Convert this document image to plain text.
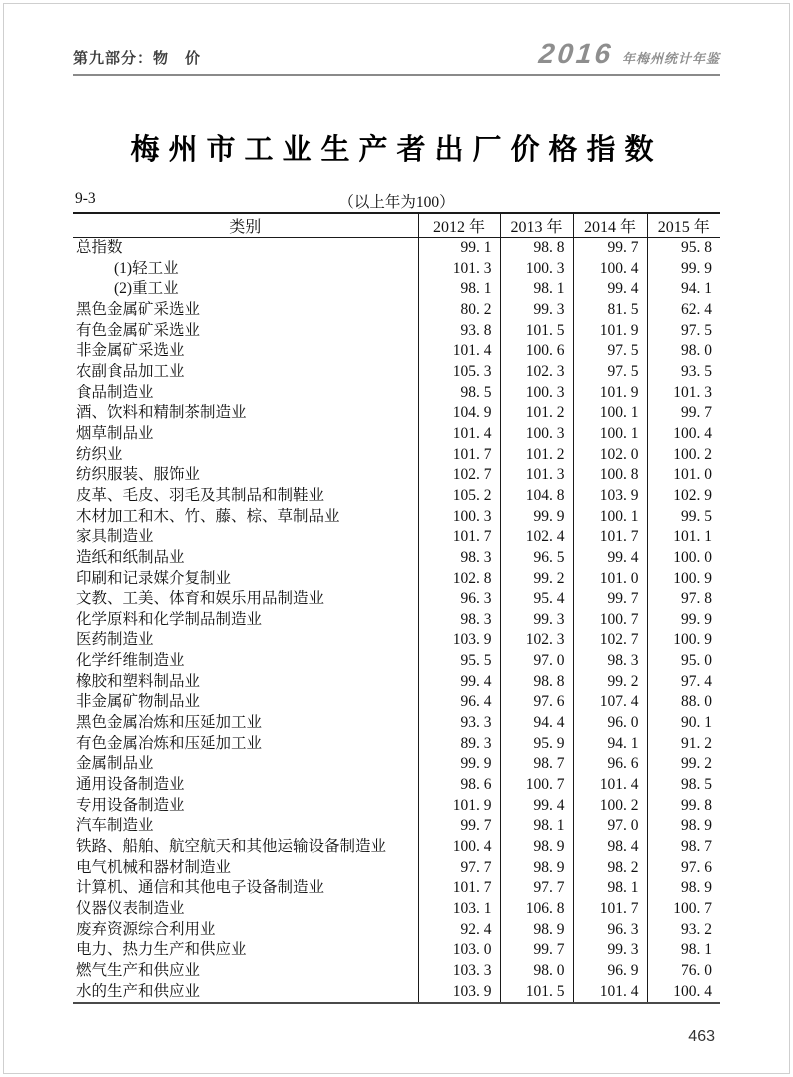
第九部分：物　价	2016 年梅州统计年鉴
梅州市工业生产者出厂价格指数
9-3	（以上年为100）
类别	2012 年	2013 年	2014 年	2015 年
总指数	99. 1	98. 8	99. 7	95. 8
(1)轻工业	101. 3	100. 3	100. 4	99. 9
(2)重工业	98. 1	98. 1	99. 4	94. 1
黑色金属矿采选业	80. 2	99. 3	81. 5	62. 4
有色金属矿采选业	93. 8	101. 5	101. 9	97. 5
非金属矿采选业	101. 4	100. 6	97. 5	98. 0
农副食品加工业	105. 3	102. 3	97. 5	93. 5
食品制造业	98. 5	100. 3	101. 9	101. 3
酒、饮料和精制茶制造业	104. 9	101. 2	100. 1	99. 7
烟草制品业	101. 4	100. 3	100. 1	100. 4
纺织业	101. 7	101. 2	102. 0	100. 2
纺织服装、服饰业	102. 7	101. 3	100. 8	101. 0
皮革、毛皮、羽毛及其制品和制鞋业	105. 2	104. 8	103. 9	102. 9
木材加工和木、竹、藤、棕、草制品业	100. 3	99. 9	100. 1	99. 5
家具制造业	101. 7	102. 4	101. 7	101. 1
造纸和纸制品业	98. 3	96. 5	99. 4	100. 0
印刷和记录媒介复制业	102. 8	99. 2	101. 0	100. 9
文教、工美、体育和娱乐用品制造业	96. 3	95. 4	99. 7	97. 8
化学原料和化学制品制造业	98. 3	99. 3	100. 7	99. 9
医药制造业	103. 9	102. 3	102. 7	100. 9
化学纤维制造业	95. 5	97. 0	98. 3	95. 0
橡胶和塑料制品业	99. 4	98. 8	99. 2	97. 4
非金属矿物制品业	96. 4	97. 6	107. 4	88. 0
黑色金属冶炼和压延加工业	93. 3	94. 4	96. 0	90. 1
有色金属冶炼和压延加工业	89. 3	95. 9	94. 1	91. 2
金属制品业	99. 9	98. 7	96. 6	99. 2
通用设备制造业	98. 6	100. 7	101. 4	98. 5
专用设备制造业	101. 9	99. 4	100. 2	99. 8
汽车制造业	99. 7	98. 1	97. 0	98. 9
铁路、船舶、航空航天和其他运输设备制造业	100. 4	98. 9	98. 4	98. 7
电气机械和器材制造业	97. 7	98. 9	98. 2	97. 6
计算机、通信和其他电子设备制造业	101. 7	97. 7	98. 1	98. 9
仪器仪表制造业	103. 1	106. 8	101. 7	100. 7
废弃资源综合利用业	92. 4	98. 9	96. 3	93. 2
电力、热力生产和供应业	103. 0	99. 7	99. 3	98. 1
燃气生产和供应业	103. 3	98. 0	96. 9	76. 0
水的生产和供应业	103. 9	101. 5	101. 4	100. 4
463
